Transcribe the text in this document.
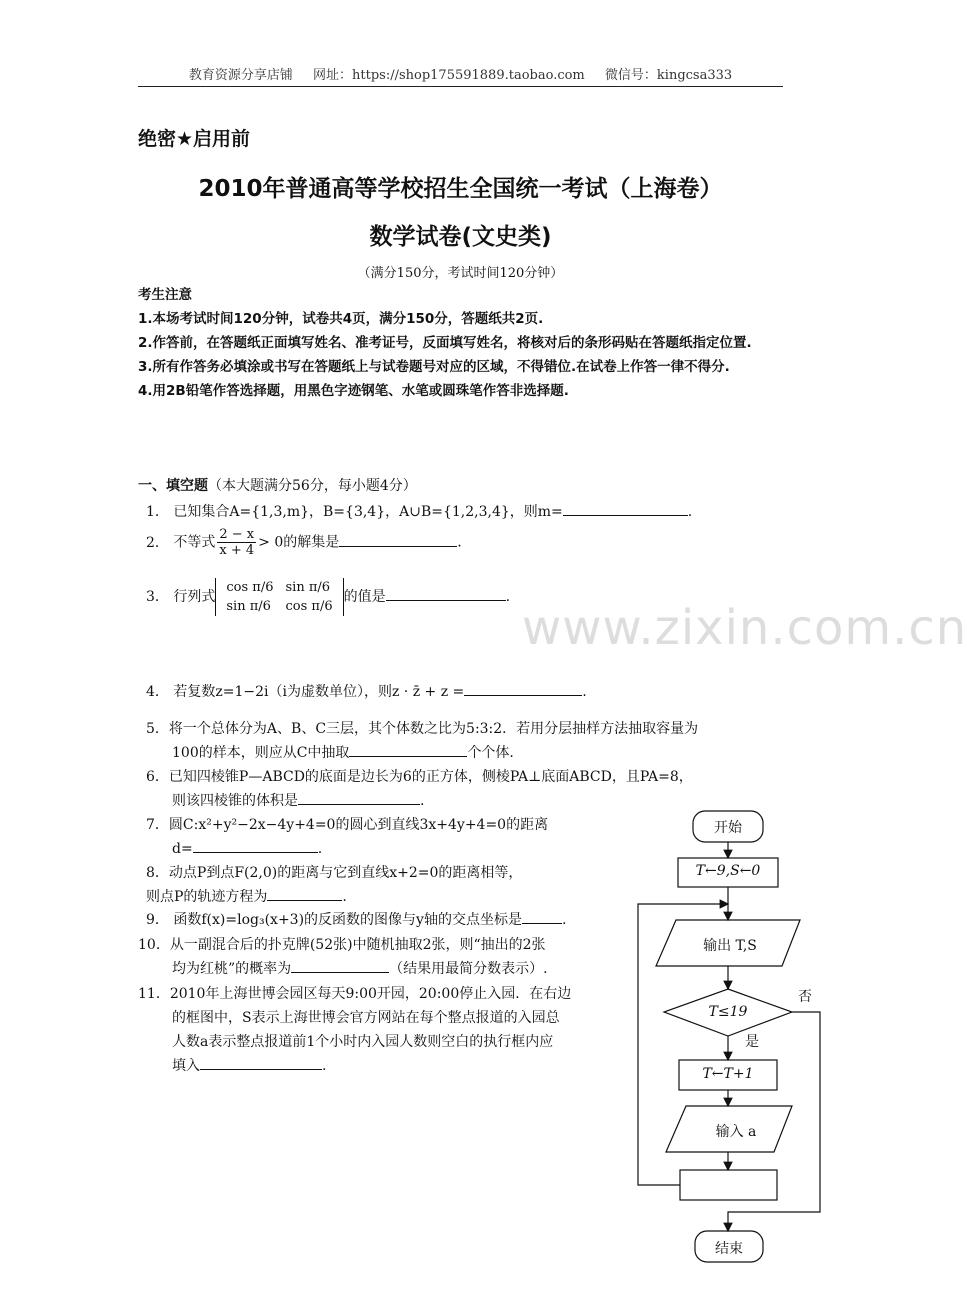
教育资源分享店铺 网址：https://shop175591889.taobao.com 微信号：kingcsa333
绝密★启用前
2010年普通高等学校招生全国统一考试（上海卷）
数学试卷(文史类)
（满分150分，考试时间120分钟）
考生注意
1.本场考试时间120分钟，试卷共4页，满分150分，答题纸共2页.
2.作答前，在答题纸正面填写姓名、准考证号，反面填写姓名，将核对后的条形码贴在答题纸指定位置.
3.所有作答务必填涂或书写在答题纸上与试卷题号对应的区域，不得错位.在试卷上作答一律不得分.
4.用2B铅笔作答选择题，用黑色字迹钢笔、水笔或圆珠笔作答非选择题.
一、填空题（本大题满分56分，每小题4分）
1． 已知集合A={1,3,m}，B={3,4}，A∪B={1,2,3,4}，则m=	.
2． 不等式 $\frac{2 - x}{x + 4} > 0$的解集是	.
3． 行列式
cos π/6	sin π/6
sin π/6	cos π/6
的值是	.
4． 若复数z=1−2i（i为虚数单位），则z · z̄ + z =	.
5．将一个总体分为A、B、C三层，其个体数之比为5:3:2．若用分层抽样方法抽取容量为
100的样本，则应从C中抽取	个个体.
6．已知四棱锥P—ABCD的底面是边长为6的正方体，侧棱PA⊥底面ABCD，且PA=8，
则该四棱锥的体积是	.
7．圆C:x²+y²−2x−4y+4=0的圆心到直线3x+4y+4=0的距离
d=	.
8．动点P到点F(2,0)的距离与它到直线x+2=0的距离相等，
则点P的轨迹方程为	.
9． 函数f(x)=log₃(x+3)的反函数的图像与y轴的交点坐标是	.
10．从一副混合后的扑克牌(52张)中随机抽取2张，则“抽出的2张
均为红桃”的概率为	（结果用最简分数表示）.
11．2010年上海世博会园区每天9:00开园，20:00停止入园．在右边
的框图中，S表示上海世博会官方网站在每个整点报道的入园总
人数a表示整点报道前1个小时内入园人数则空白的执行框内应
填入	.
www.zixin.com.cn
开始
T←9,S←0
输出 T,S
T≤19
否
是
T←T+1
输入 a
结束
